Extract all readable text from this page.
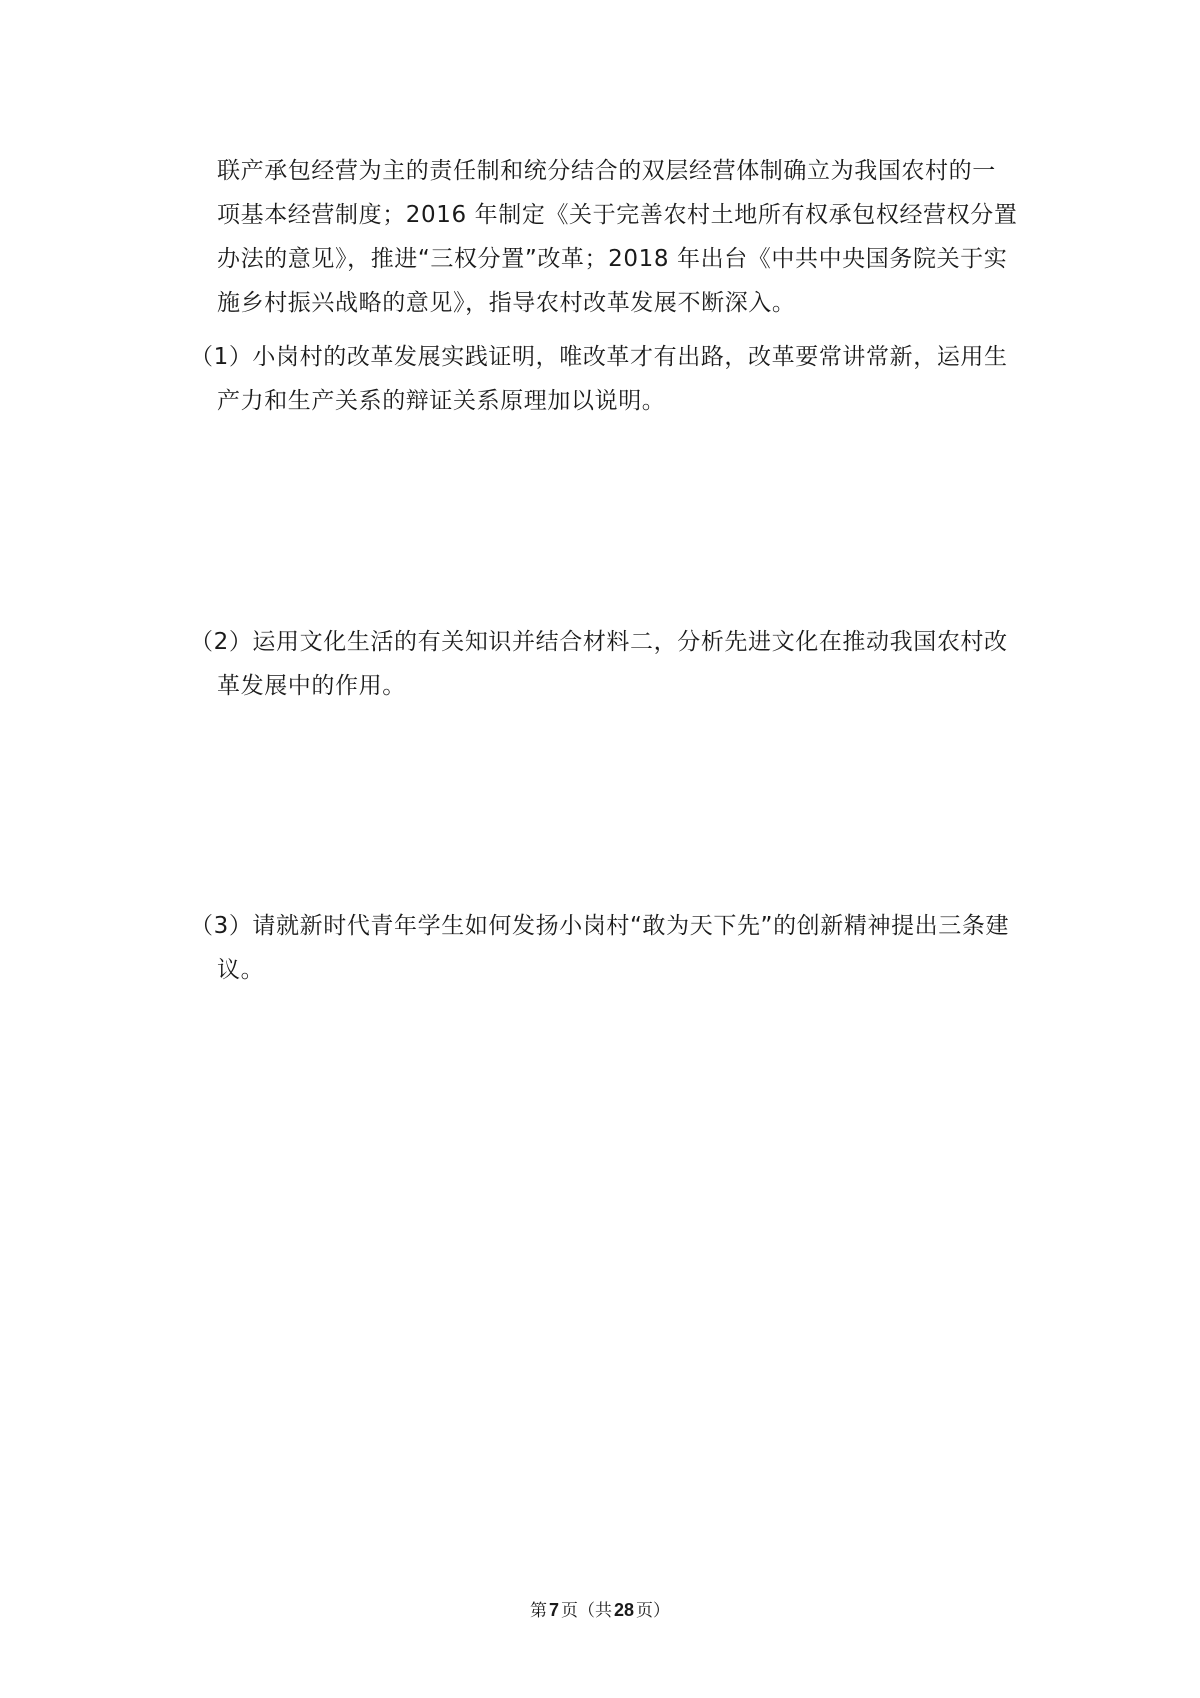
联产承包经营为主的责任制和统分结合的双层经营体制确立为我国农村的一
项基本经营制度；2016 年制定《关于完善农村土地所有权承包权经营权分置
办法的意见》，推进“三权分置”改革；2018 年出台《中共中央国务院关于实
施乡村振兴战略的意见》，指导农村改革发展不断深入。
（1）小岗村的改革发展实践证明，唯改革才有出路，改革要常讲常新，运用生
产力和生产关系的辩证关系原理加以说明。
（2）运用文化生活的有关知识并结合材料二，分析先进文化在推动我国农村改
革发展中的作用。
（3）请就新时代青年学生如何发扬小岗村“敢为天下先”的创新精神提出三条建
议。
第 7 页（共 28 页）
